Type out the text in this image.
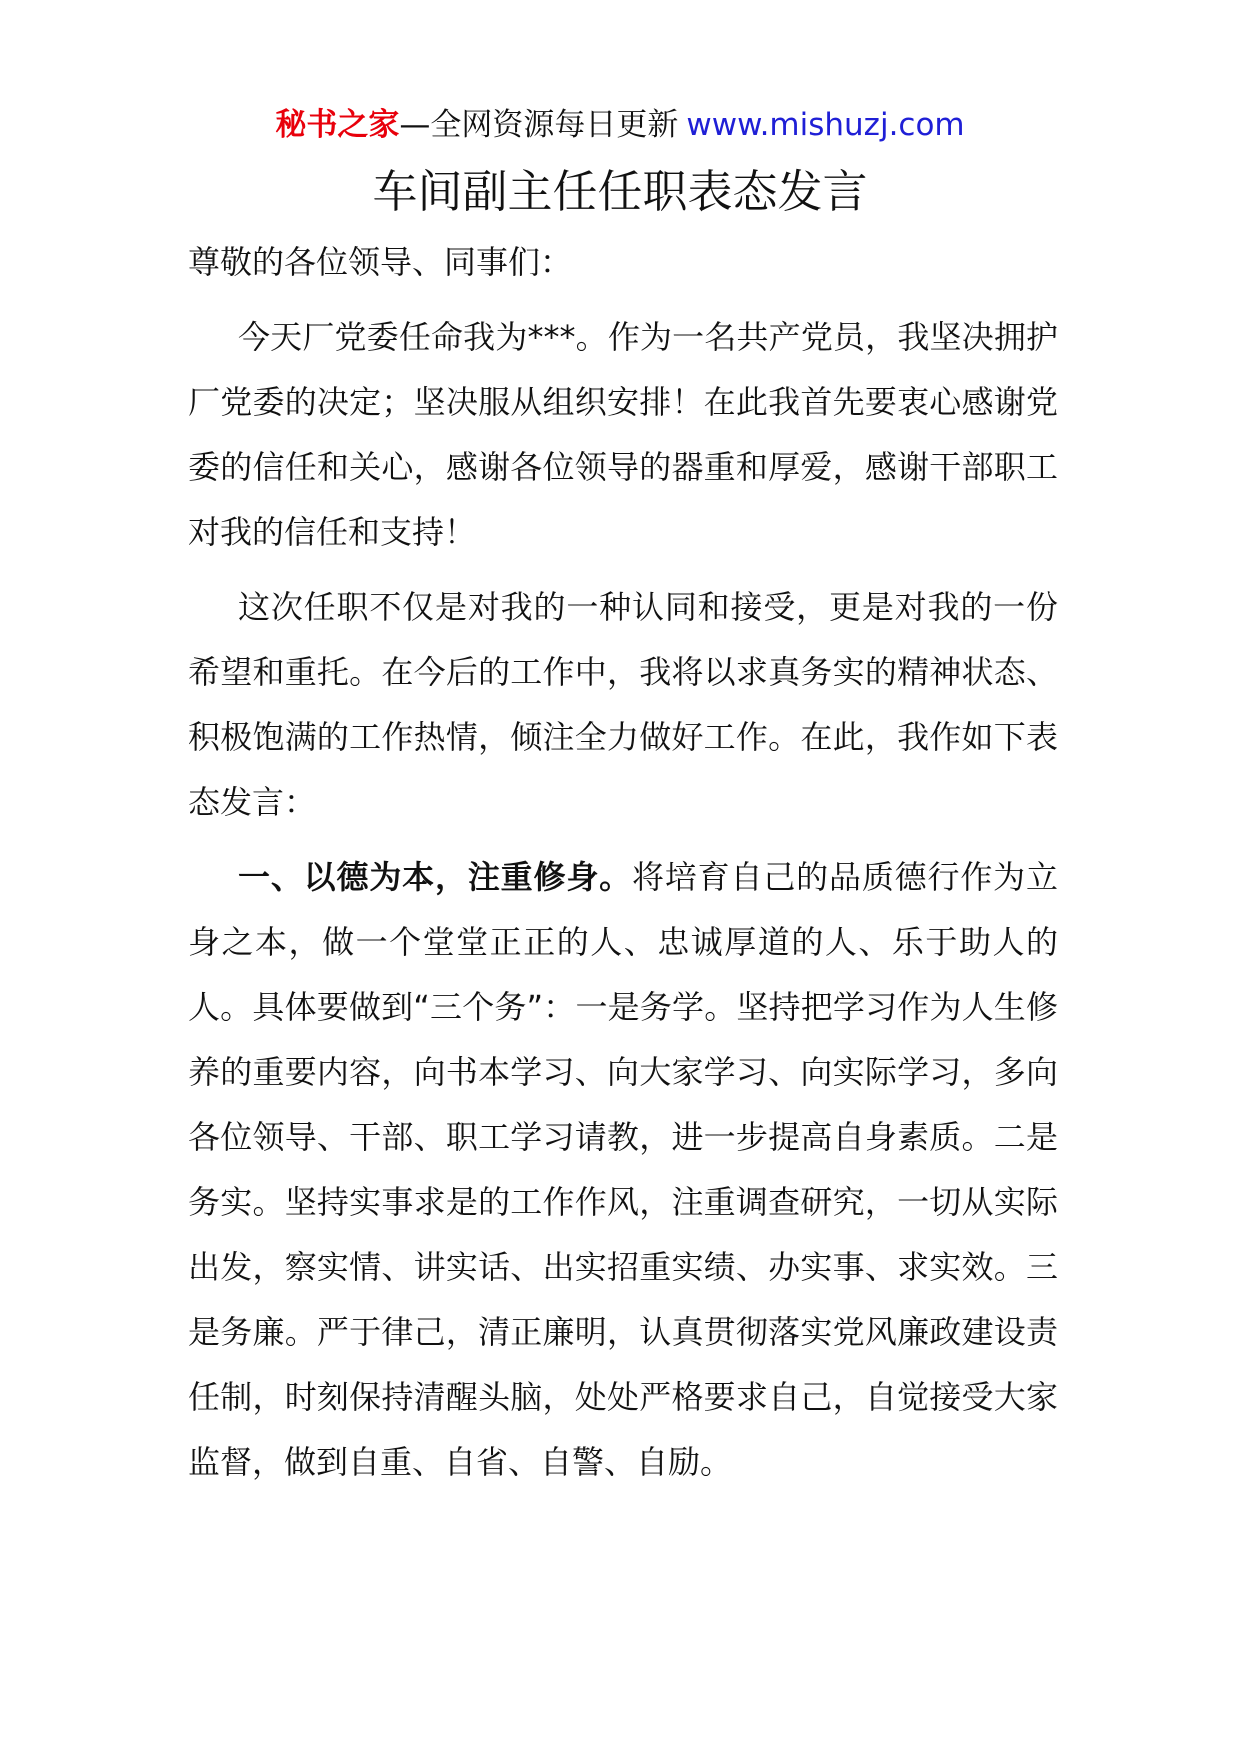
秘书之家—全网资源每日更新 www.mishuzj.com
车间副主任任职表态发言

尊敬的各位领导、同事们：

今天厂党委任命我为***。作为一名共产党员，我坚决拥护厂党委的决定；坚决服从组织安排！在此我首先要衷心感谢党委的信任和关心，感谢各位领导的器重和厚爱，感谢干部职工对我的信任和支持！

这次任职不仅是对我的一种认同和接受，更是对我的一份希望和重托。在今后的工作中，我将以求真务实的精神状态、积极饱满的工作热情，倾注全力做好工作。在此，我作如下表态发言：

一、以德为本，注重修身。将培育自己的品质德行作为立身之本，做一个堂堂正正的人、忠诚厚道的人、乐于助人的人。具体要做到“三个务”：一是务学。坚持把学习作为人生修养的重要内容，向书本学习、向大家学习、向实际学习，多向各位领导、干部、职工学习请教，进一步提高自身素质。二是务实。坚持实事求是的工作作风，注重调查研究，一切从实际出发，察实情、讲实话、出实招重实绩、办实事、求实效。三是务廉。严于律己，清正廉明，认真贯彻落实党风廉政建设责任制，时刻保持清醒头脑，处处严格要求自己，自觉接受大家监督，做到自重、自省、自警、自励。
